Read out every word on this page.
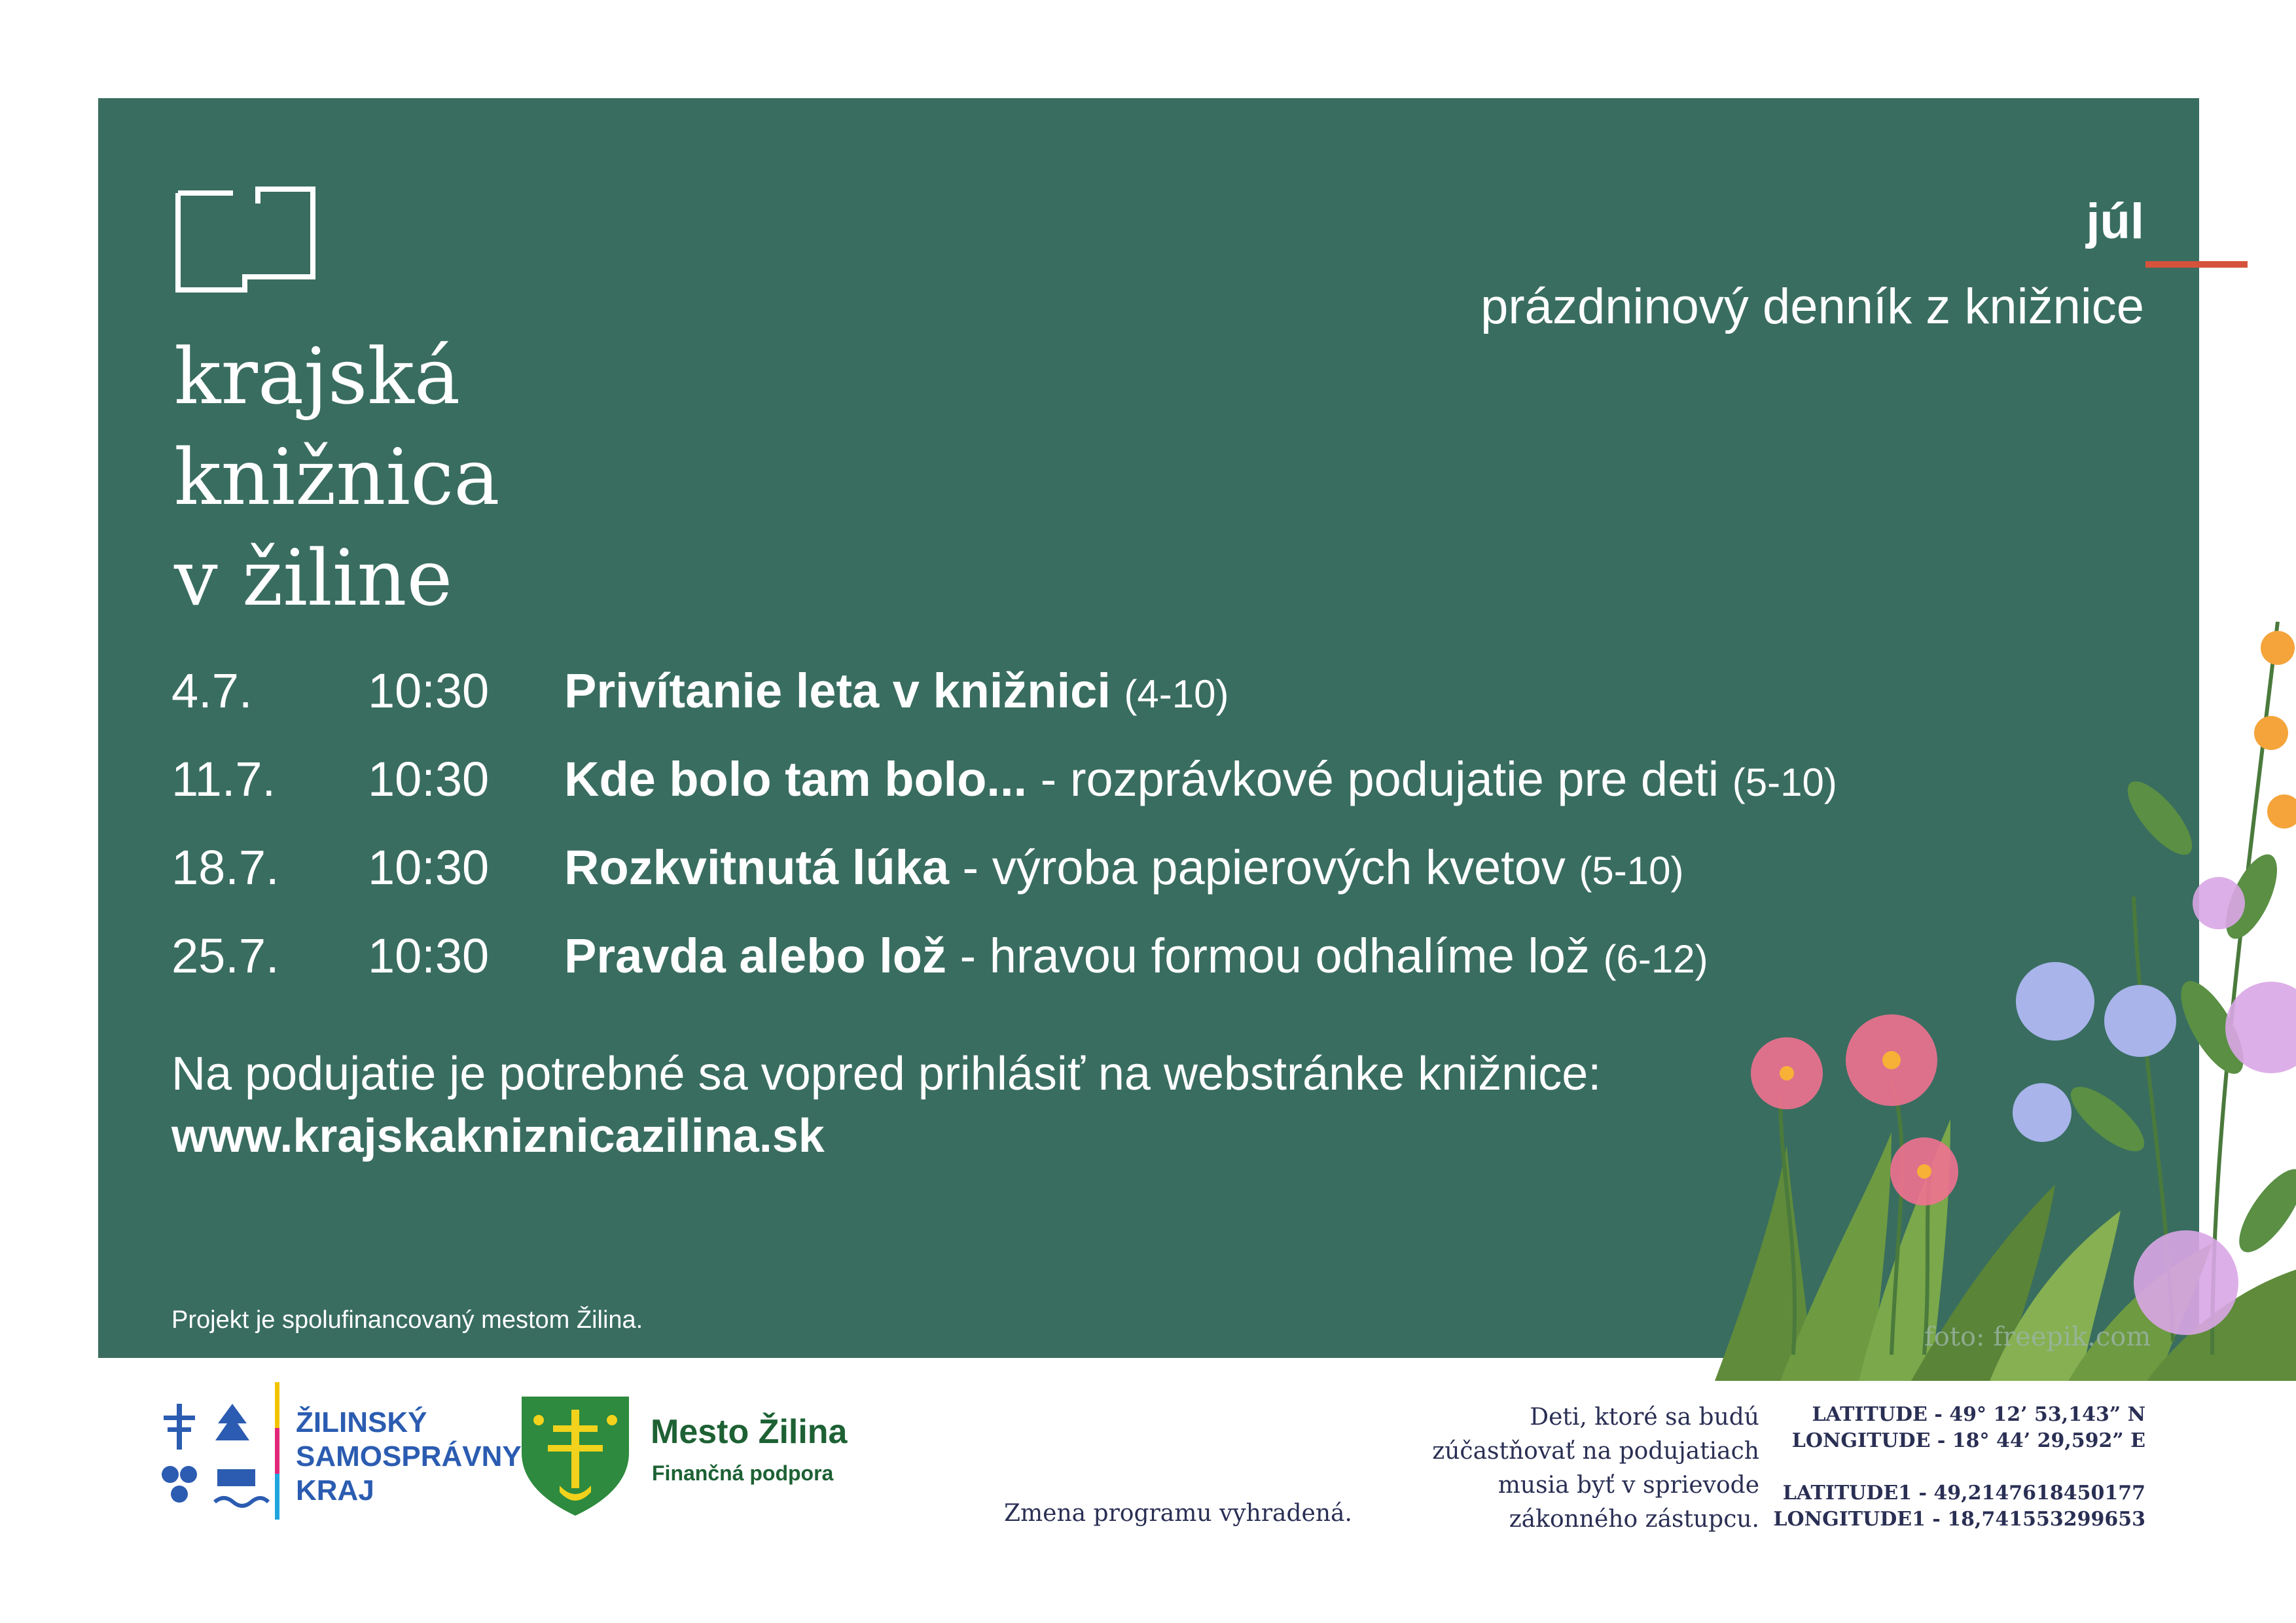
krajská
knižnica
v žiline
júl
prázdninový denník z knižnice
4.7. 10:30 Privítanie leta v knižnici (4-10)
11.7. 10:30 Kde bolo tam bolo... - rozprávkové podujatie pre deti (5-10)
18.7. 10:30 Rozkvitnutá lúka - výroba papierových kvetov (5-10)
25.7. 10:30 Pravda alebo lož - hravou formou odhalíme lož (6-12)
Na podujatie je potrebné sa vopred prihlásiť na webstránke knižnice:
www.krajskakniznicazilina.sk
Projekt je spolufinancovaný mestom Žilina.
foto: freepik.com
ŽILINSKÝ
SAMOSPRÁVNY
KRAJ
Mesto Žilina
Finančná podpora
Zmena programu vyhradená.
Deti, ktoré sa budú
zúčastňovať na podujatiach
musia byť v sprievode
zákonného zástupcu.
LATITUDE - 49° 12’ 53,143” N
LONGITUDE - 18° 44’ 29,592” E
LATITUDE1 - 49,2147618450177
LONGITUDE1 - 18,741553299653
